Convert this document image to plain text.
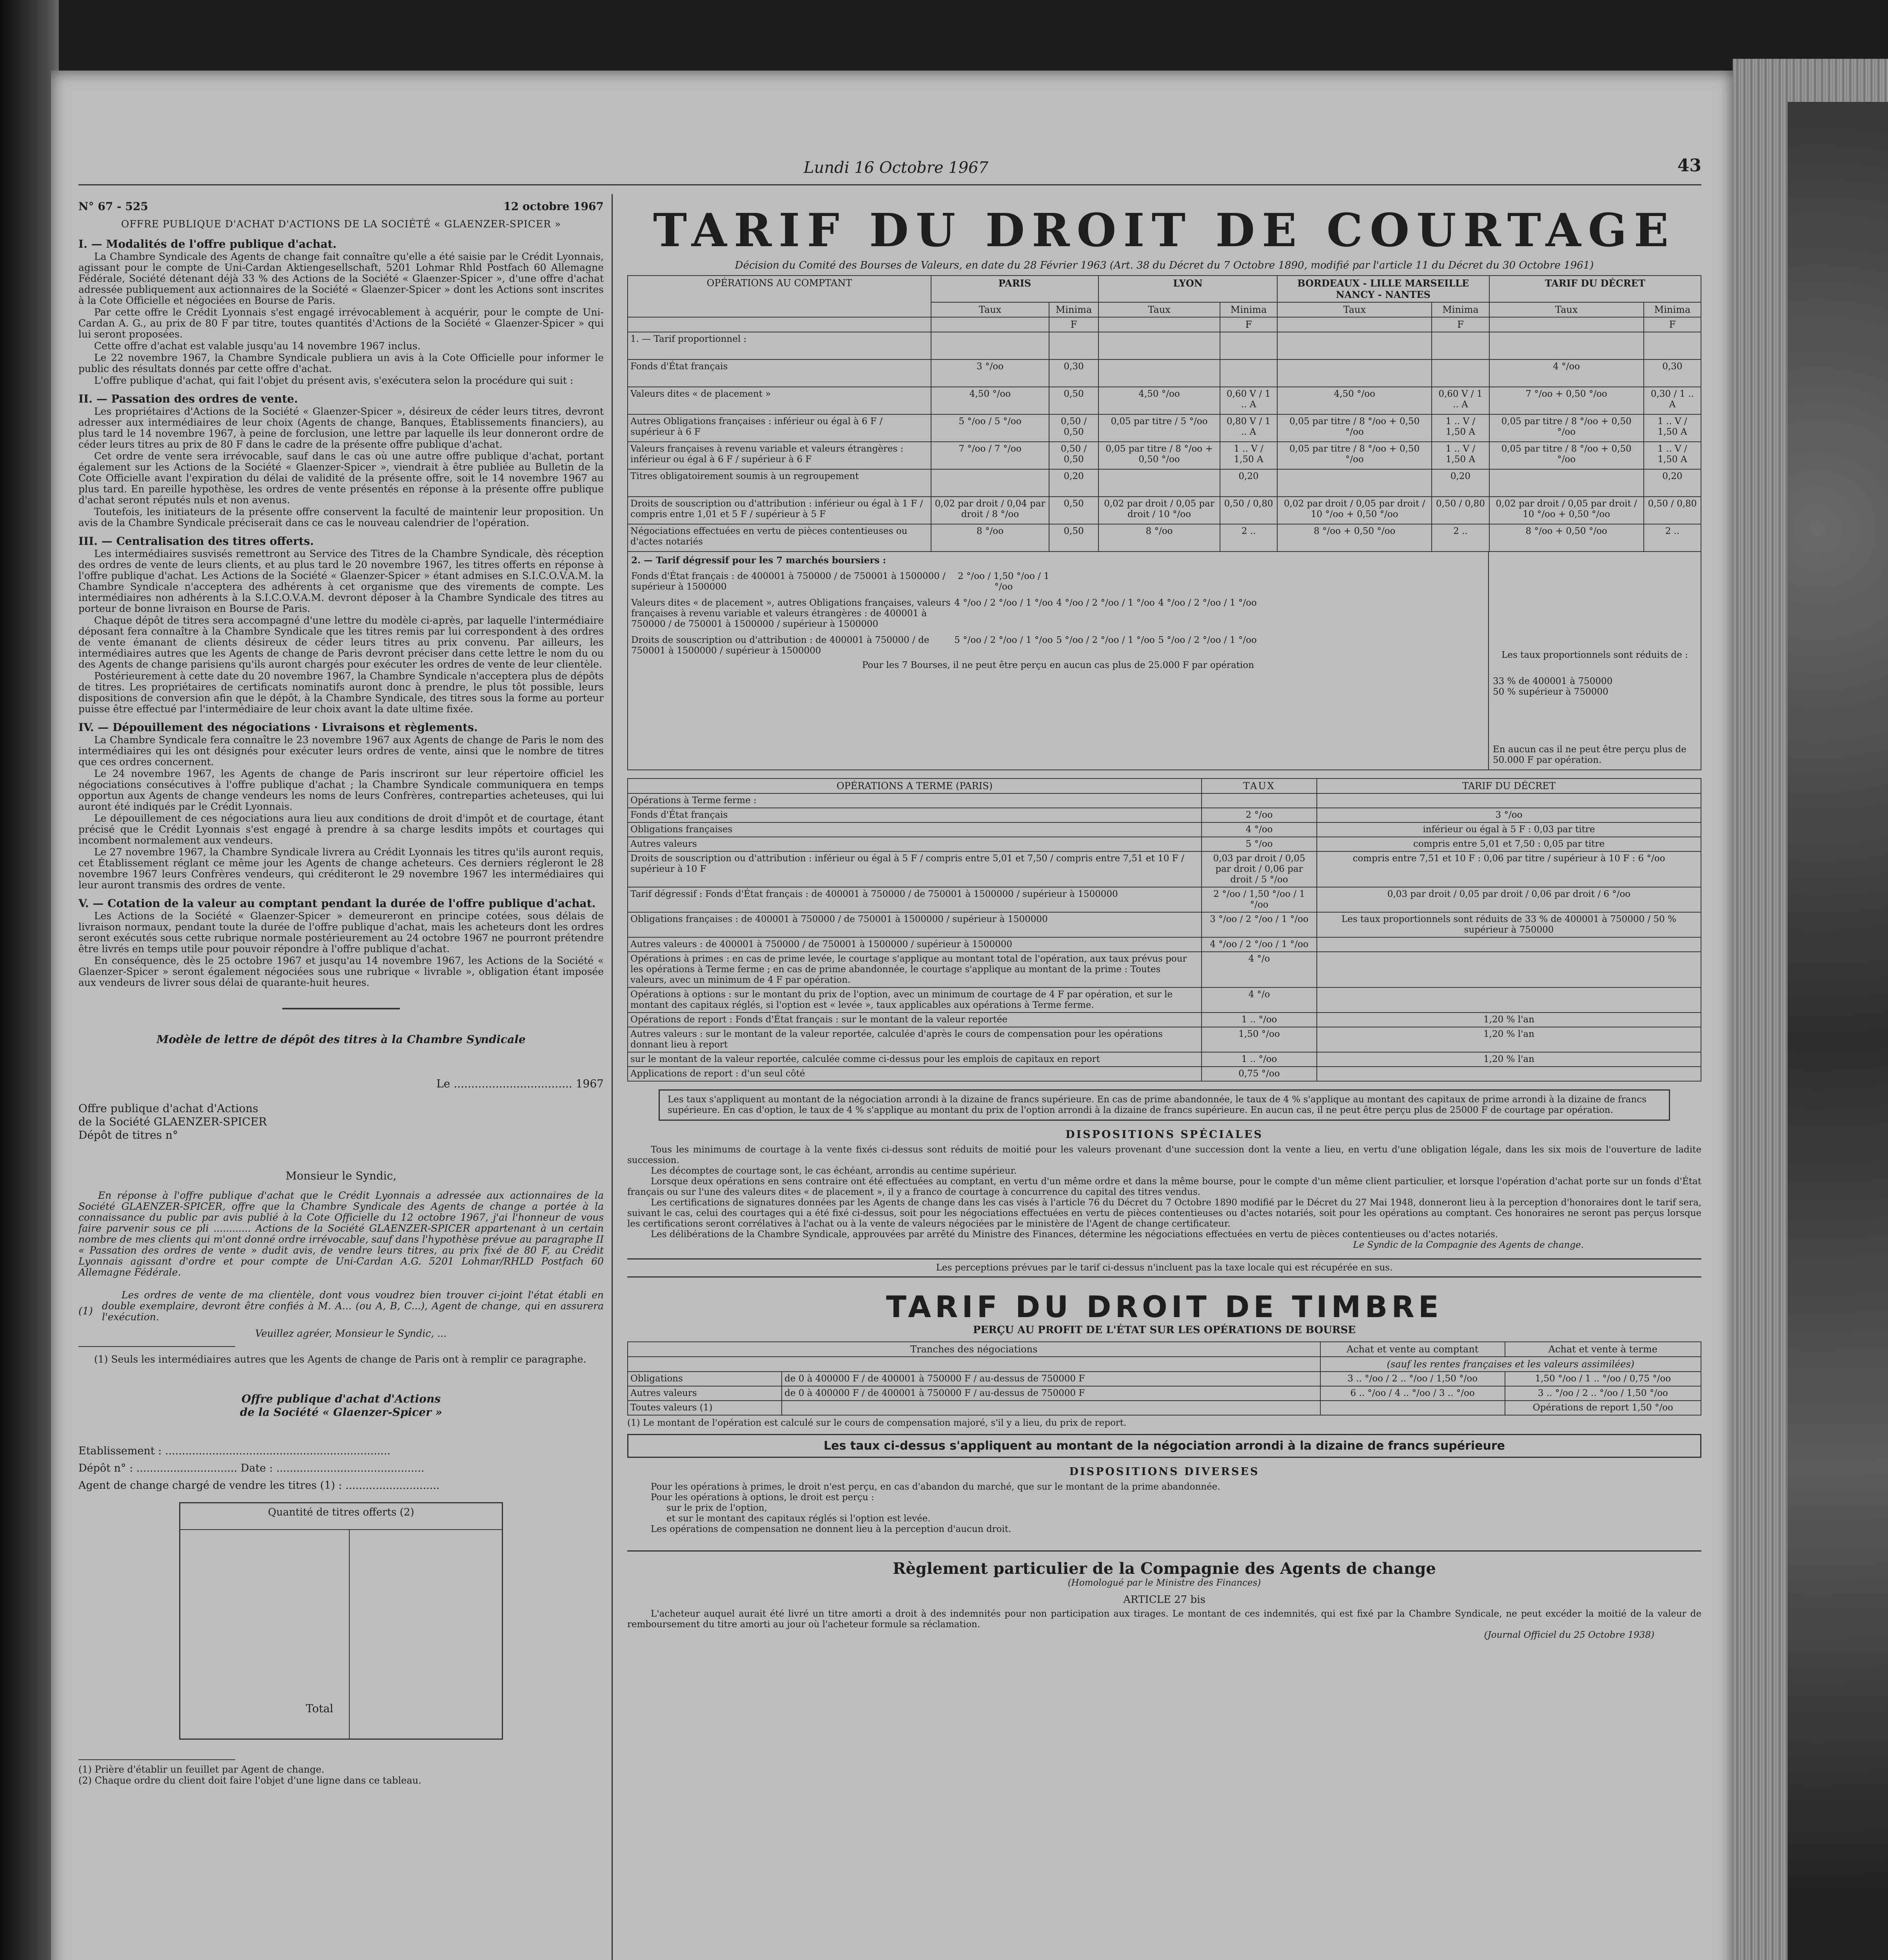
Lundi 16 Octobre 1967	43
N° 67 - 525	12 octobre 1967
OFFRE PUBLIQUE D'ACHAT D'ACTIONS DE LA SOCIÉTÉ « GLAENZER-SPICER »
I. — Modalités de l'offre publique d'achat.
La Chambre Syndicale des Agents de change fait connaître qu'elle a été saisie par le Crédit Lyonnais, agissant pour le compte de Uni-Cardan Aktiengesellschaft, 5201 Lohmar Rhld Postfach 60 Allemagne Fédérale, Société détenant déjà 33 % des Actions de la Société « Glaenzer-Spicer », d'une offre d'achat adressée publiquement aux actionnaires de la Société « Glaenzer-Spicer » dont les Actions sont inscrites à la Cote Officielle et négociées en Bourse de Paris.
Par cette offre le Crédit Lyonnais s'est engagé irrévocablement à acquérir, pour le compte de Uni-Cardan A. G., au prix de 80 F par titre, toutes quantités d'Actions de la Société « Glaenzer-Spicer » qui lui seront proposées.
Cette offre d'achat est valable jusqu'au 14 novembre 1967 inclus.
Le 22 novembre 1967, la Chambre Syndicale publiera un avis à la Cote Officielle pour informer le public des résultats donnés par cette offre d'achat.
L'offre publique d'achat, qui fait l'objet du présent avis, s'exécutera selon la procédure qui suit :
II. — Passation des ordres de vente.
Les propriétaires d'Actions de la Société « Glaenzer-Spicer », désireux de céder leurs titres, devront adresser aux intermédiaires de leur choix (Agents de change, Banques, Établissements financiers), au plus tard le 14 novembre 1967, à peine de forclusion, une lettre par laquelle ils leur donneront ordre de céder leurs titres au prix de 80 F dans le cadre de la présente offre publique d'achat.
Cet ordre de vente sera irrévocable, sauf dans le cas où une autre offre publique d'achat, portant également sur les Actions de la Société « Glaenzer-Spicer », viendrait à être publiée au Bulletin de la Cote Officielle avant l'expiration du délai de validité de la présente offre, soit le 14 novembre 1967 au plus tard. En pareille hypothèse, les ordres de vente présentés en réponse à la présente offre publique d'achat seront réputés nuls et non avenus.
Toutefois, les initiateurs de la présente offre conservent la faculté de maintenir leur proposition. Un avis de la Chambre Syndicale préciserait dans ce cas le nouveau calendrier de l'opération.
III. — Centralisation des titres offerts.
Les intermédiaires susvisés remettront au Service des Titres de la Chambre Syndicale, dès réception des ordres de vente de leurs clients, et au plus tard le 20 novembre 1967, les titres offerts en réponse à l'offre publique d'achat. Les Actions de la Société « Glaenzer-Spicer » étant admises en S.I.C.O.V.A.M. la Chambre Syndicale n'acceptera des adhérents à cet organisme que des virements de compte. Les intermédiaires non adhérents à la S.I.C.O.V.A.M. devront déposer à la Chambre Syndicale des titres au porteur de bonne livraison en Bourse de Paris.
Chaque dépôt de titres sera accompagné d'une lettre du modèle ci-après, par laquelle l'intermédiaire déposant fera connaître à la Chambre Syndicale que les titres remis par lui correspondent à des ordres de vente émanant de clients désireux de céder leurs titres au prix convenu. Par ailleurs, les intermédiaires autres que les Agents de change de Paris devront préciser dans cette lettre le nom du ou des Agents de change parisiens qu'ils auront chargés pour exécuter les ordres de vente de leur clientèle.
Postérieurement à cette date du 20 novembre 1967, la Chambre Syndicale n'acceptera plus de dépôts de titres. Les propriétaires de certificats nominatifs auront donc à prendre, le plus tôt possible, leurs dispositions de conversion afin que le dépôt, à la Chambre Syndicale, des titres sous la forme au porteur puisse être effectué par l'intermédiaire de leur choix avant la date ultime fixée.
IV. — Dépouillement des négociations · Livraisons et règlements.
La Chambre Syndicale fera connaître le 23 novembre 1967 aux Agents de change de Paris le nom des intermédiaires qui les ont désignés pour exécuter leurs ordres de vente, ainsi que le nombre de titres que ces ordres concernent.
Le 24 novembre 1967, les Agents de change de Paris inscriront sur leur répertoire officiel les négociations consécutives à l'offre publique d'achat ; la Chambre Syndicale communiquera en temps opportun aux Agents de change vendeurs les noms de leurs Confrères, contreparties acheteuses, qui lui auront été indiqués par le Crédit Lyonnais.
Le dépouillement de ces négociations aura lieu aux conditions de droit d'impôt et de courtage, étant précisé que le Crédit Lyonnais s'est engagé à prendre à sa charge lesdits impôts et courtages qui incombent normalement aux vendeurs.
Le 27 novembre 1967, la Chambre Syndicale livrera au Crédit Lyonnais les titres qu'ils auront requis, cet Établissement réglant ce même jour les Agents de change acheteurs. Ces derniers régleront le 28 novembre 1967 leurs Confrères vendeurs, qui créditeront le 29 novembre 1967 les intermédiaires qui leur auront transmis des ordres de vente.
V. — Cotation de la valeur au comptant pendant la durée de l'offre publique d'achat.
Les Actions de la Société « Glaenzer-Spicer » demeureront en principe cotées, sous délais de livraison normaux, pendant toute la durée de l'offre publique d'achat, mais les acheteurs dont les ordres seront exécutés sous cette rubrique normale postérieurement au 24 octobre 1967 ne pourront prétendre être livrés en temps utile pour pouvoir répondre à l'offre publique d'achat.
En conséquence, dès le 25 octobre 1967 et jusqu'au 14 novembre 1967, les Actions de la Société « Glaenzer-Spicer » seront également négociées sous une rubrique « livrable », obligation étant imposée aux vendeurs de livrer sous délai de quarante-huit heures.
Modèle de lettre de dépôt des titres à la Chambre Syndicale
Le .................................. 1967
Offre publique d'achat d'Actions
de la Société GLAENZER-SPICER
Dépôt de titres n°
Monsieur le Syndic,
En réponse à l'offre publique d'achat que le Crédit Lyonnais a adressée aux actionnaires de la Société GLAENZER-SPICER, offre que la Chambre Syndicale des Agents de change a portée à la connaissance du public par avis publié à la Cote Officielle du 12 octobre 1967, j'ai l'honneur de vous faire parvenir sous ce pli ............ Actions de la Société GLAENZER-SPICER appartenant à un certain nombre de mes clients qui m'ont donné ordre irrévocable, sauf dans l'hypothèse prévue au paragraphe II « Passation des ordres de vente » dudit avis, de vendre leurs titres, au prix fixé de 80 F, au Crédit Lyonnais agissant d'ordre et pour compte de Uni-Cardan A.G. 5201 Lohmar/RHLD Postfach 60 Allemagne Fédérale.
(1)
Les ordres de vente de ma clientèle, dont vous voudrez bien trouver ci-joint l'état établi en double exemplaire, devront être confiés à M. A... (ou A, B, C...), Agent de change, qui en assurera l'exécution.
Veuillez agréer, Monsieur le Syndic, ...
(1) Seuls les intermédiaires autres que les Agents de change de Paris ont à remplir ce paragraphe.
Offre publique d'achat d'Actions
de la Société « Glaenzer-Spicer »
Etablissement : ...................................................................
Dépôt n° : .............................. Date : ............................................
Agent de change chargé de vendre les titres (1) : ............................
Quantité de titres offerts (2)
Total
(1) Prière d'établir un feuillet par Agent de change.
(2) Chaque ordre du client doit faire l'objet d'une ligne dans ce tableau.
TARIF DU DROIT DE COURTAGE
Décision du Comité des Bourses de Valeurs, en date du 28 Février 1963 (Art. 38 du Décret du 7 Octobre 1890, modifié par l'article 11 du Décret du 30 Octobre 1961)
OPÉRATIONS AU COMPTANT	PARIS		LYON		BORDEAUX - LILLE MARSEILLE NANCY - NANTES		TARIF DU DÉCRET	
	Taux	Minima	Taux	Minima	Taux	Minima	Taux	Minima
		F		F		F		F
1. — Tarif proportionnel :								
Fonds d'État français	3 °/oo	0,30					4 °/oo	0,30
Valeurs dites « de placement »	4,50 °/oo	0,50	4,50 °/oo	0,60 V / 1 .. A	4,50 °/oo	0,60 V / 1 .. A	7 °/oo + 0,50 °/oo	0,30 / 1 .. A
Autres Obligations françaises : inférieur ou égal à 6 F / supérieur à 6 F	5 °/oo / 5 °/oo	0,50 / 0,50	0,05 par titre / 5 °/oo	0,80 V / 1 .. A	0,05 par titre / 8 °/oo + 0,50 °/oo	1 .. V / 1,50 A	0,05 par titre / 8 °/oo + 0,50 °/oo	1 .. V / 1,50 A
Valeurs françaises à revenu variable et valeurs étrangères : inférieur ou égal à 6 F / supérieur à 6 F	7 °/oo / 7 °/oo	0,50 / 0,50	0,05 par titre / 8 °/oo + 0,50 °/oo	1 .. V / 1,50 A	0,05 par titre / 8 °/oo + 0,50 °/oo	1 .. V / 1,50 A	0,05 par titre / 8 °/oo + 0,50 °/oo	1 .. V / 1,50 A
Titres obligatoirement soumis à un regroupement		0,20		0,20		0,20		0,20
Droits de souscription ou d'attribution : inférieur ou égal à 1 F / compris entre 1,01 et 5 F / supérieur à 5 F	0,02 par droit / 0,04 par droit / 8 °/oo	0,50	0,02 par droit / 0,05 par droit / 10 °/oo	0,50 / 0,80	0,02 par droit / 0,05 par droit / 10 °/oo + 0,50 °/oo	0,50 / 0,80	0,02 par droit / 0,05 par droit / 10 °/oo + 0,50 °/oo	0,50 / 0,80
Négociations effectuées en vertu de pièces contentieuses ou d'actes notariés	8 °/oo	0,50	8 °/oo	2 ..	8 °/oo + 0,50 °/oo	2 ..	8 °/oo + 0,50 °/oo	2 ..
2. — Tarif dégressif pour les 7 marchés boursiers :
Fonds d'État français : de 400001 à 750000 / de 750001 à 1500000 / supérieur à 1500000
2 °/oo / 1,50 °/oo / 1 °/oo
Valeurs dites « de placement », autres Obligations françaises, valeurs françaises à revenu variable et valeurs étrangères : de 400001 à 750000 / de 750001 à 1500000 / supérieur à 1500000
4 °/oo / 2 °/oo / 1 °/oo 4 °/oo / 2 °/oo / 1 °/oo 4 °/oo / 2 °/oo / 1 °/oo
Droits de souscription ou d'attribution : de 400001 à 750000 / de 750001 à 1500000 / supérieur à 1500000
5 °/oo / 2 °/oo / 1 °/oo 5 °/oo / 2 °/oo / 1 °/oo 5 °/oo / 2 °/oo / 1 °/oo
Pour les 7 Bourses, il ne peut être perçu en aucun cas plus de 25.000 F par opération
Les taux proportionnels sont réduits de :
33 % de 400001 à 750000
50 % supérieur à 750000
En aucun cas il ne peut être perçu plus de 50.000 F par opération.
OPÉRATIONS A TERME (PARIS)	TAUX	TARIF DU DÉCRET
Opérations à Terme ferme :		
Fonds d'État français	2 °/oo	3 °/oo
Obligations françaises	4 °/oo	inférieur ou égal à 5 F : 0,03 par titre
Autres valeurs	5 °/oo	compris entre 5,01 et 7,50 : 0,05 par titre
Droits de souscription ou d'attribution : inférieur ou égal à 5 F / compris entre 5,01 et 7,50 / compris entre 7,51 et 10 F / supérieur à 10 F	0,03 par droit / 0,05 par droit / 0,06 par droit / 5 °/oo	compris entre 7,51 et 10 F : 0,06 par titre / supérieur à 10 F : 6 °/oo
Tarif dégressif : Fonds d'État français : de 400001 à 750000 / de 750001 à 1500000 / supérieur à 1500000	2 °/oo / 1,50 °/oo / 1 °/oo	0,03 par droit / 0,05 par droit / 0,06 par droit / 6 °/oo
Obligations françaises : de 400001 à 750000 / de 750001 à 1500000 / supérieur à 1500000	3 °/oo / 2 °/oo / 1 °/oo	Les taux proportionnels sont réduits de 33 % de 400001 à 750000 / 50 % supérieur à 750000
Autres valeurs : de 400001 à 750000 / de 750001 à 1500000 / supérieur à 1500000	4 °/oo / 2 °/oo / 1 °/oo	
Opérations à primes : en cas de prime levée, le courtage s'applique au montant total de l'opération, aux taux prévus pour les opérations à Terme ferme ; en cas de prime abandonnée, le courtage s'applique au montant de la prime : Toutes valeurs, avec un minimum de 4 F par opération.	4 °/o	
Opérations à options : sur le montant du prix de l'option, avec un minimum de courtage de 4 F par opération, et sur le montant des capitaux réglés, si l'option est « levée », taux applicables aux opérations à Terme ferme.	4 °/o	
Opérations de report : Fonds d'État français : sur le montant de la valeur reportée	1 .. °/oo	1,20 % l'an
Autres valeurs : sur le montant de la valeur reportée, calculée d'après le cours de compensation pour les opérations donnant lieu à report	1,50 °/oo	1,20 % l'an
sur le montant de la valeur reportée, calculée comme ci-dessus pour les emplois de capitaux en report	1 .. °/oo	1,20 % l'an
Applications de report : d'un seul côté	0,75 °/oo	
Les taux s'appliquent au montant de la négociation arrondi à la dizaine de francs supérieure. En cas de prime abandonnée, le taux de 4 % s'applique au montant des capitaux de prime arrondi à la dizaine de francs supérieure. En cas d'option, le taux de 4 % s'applique au montant du prix de l'option arrondi à la dizaine de francs supérieure. En aucun cas, il ne peut être perçu plus de 25000 F de courtage par opération.
DISPOSITIONS SPÉCIALES
Tous les minimums de courtage à la vente fixés ci-dessus sont réduits de moitié pour les valeurs provenant d'une succession dont la vente a lieu, en vertu d'une obligation légale, dans les six mois de l'ouverture de ladite succession.
Les décomptes de courtage sont, le cas échéant, arrondis au centime supérieur.
Lorsque deux opérations en sens contraire ont été effectuées au comptant, en vertu d'un même ordre et dans la même bourse, pour le compte d'un même client particulier, et lorsque l'opération d'achat porte sur un fonds d'État français ou sur l'une des valeurs dites « de placement », il y a franco de courtage à concurrence du capital des titres vendus.
Les certifications de signatures données par les Agents de change dans les cas visés à l'article 76 du Décret du 7 Octobre 1890 modifié par le Décret du 27 Mai 1948, donneront lieu à la perception d'honoraires dont le tarif sera, suivant le cas, celui des courtages qui a été fixé ci-dessus, soit pour les négociations effectuées en vertu de pièces contentieuses ou d'actes notariés, soit pour les opérations au comptant. Ces honoraires ne seront pas perçus lorsque les certifications seront corrélatives à l'achat ou à la vente de valeurs négociées par le ministère de l'Agent de change certificateur.
Les délibérations de la Chambre Syndicale, approuvées par arrêté du Ministre des Finances, détermine les négociations effectuées en vertu de pièces contentieuses ou d'actes notariés.
Le Syndic de la Compagnie des Agents de change.
Les perceptions prévues par le tarif ci-dessus n'incluent pas la taxe locale qui est récupérée en sus.
TARIF DU DROIT DE TIMBRE
PERÇU AU PROFIT DE L'ÉTAT SUR LES OPÉRATIONS DE BOURSE
Tranches des négociations		Achat et vente au comptant	Achat et vente à terme
		(sauf les rentes françaises et les valeurs assimilées)	
Obligations	de 0 à 400000 F / de 400001 à 750000 F / au-dessus de 750000 F	3 .. °/oo / 2 .. °/oo / 1,50 °/oo	1,50 °/oo / 1 .. °/oo / 0,75 °/oo
Autres valeurs	de 0 à 400000 F / de 400001 à 750000 F / au-dessus de 750000 F	6 .. °/oo / 4 .. °/oo / 3 .. °/oo	3 .. °/oo / 2 .. °/oo / 1,50 °/oo
Toutes valeurs (1)			Opérations de report 1,50 °/oo
(1) Le montant de l'opération est calculé sur le cours de compensation majoré, s'il y a lieu, du prix de report.
Les taux ci-dessus s'appliquent au montant de la négociation arrondi à la dizaine de francs supérieure
DISPOSITIONS DIVERSES
Pour les opérations à primes, le droit n'est perçu, en cas d'abandon du marché, que sur le montant de la prime abandonnée.
Pour les opérations à options, le droit est perçu :
sur le prix de l'option,
et sur le montant des capitaux réglés si l'option est levée.
Les opérations de compensation ne donnent lieu à la perception d'aucun droit.
Règlement particulier de la Compagnie des Agents de change
(Homologué par le Ministre des Finances)
ARTICLE 27 bis
L'acheteur auquel aurait été livré un titre amorti a droit à des indemnités pour non participation aux tirages. Le montant de ces indemnités, qui est fixé par la Chambre Syndicale, ne peut excéder la moitié de la valeur de remboursement du titre amorti au jour où l'acheteur formule sa réclamation.
(Journal Officiel du 25 Octobre 1938)
